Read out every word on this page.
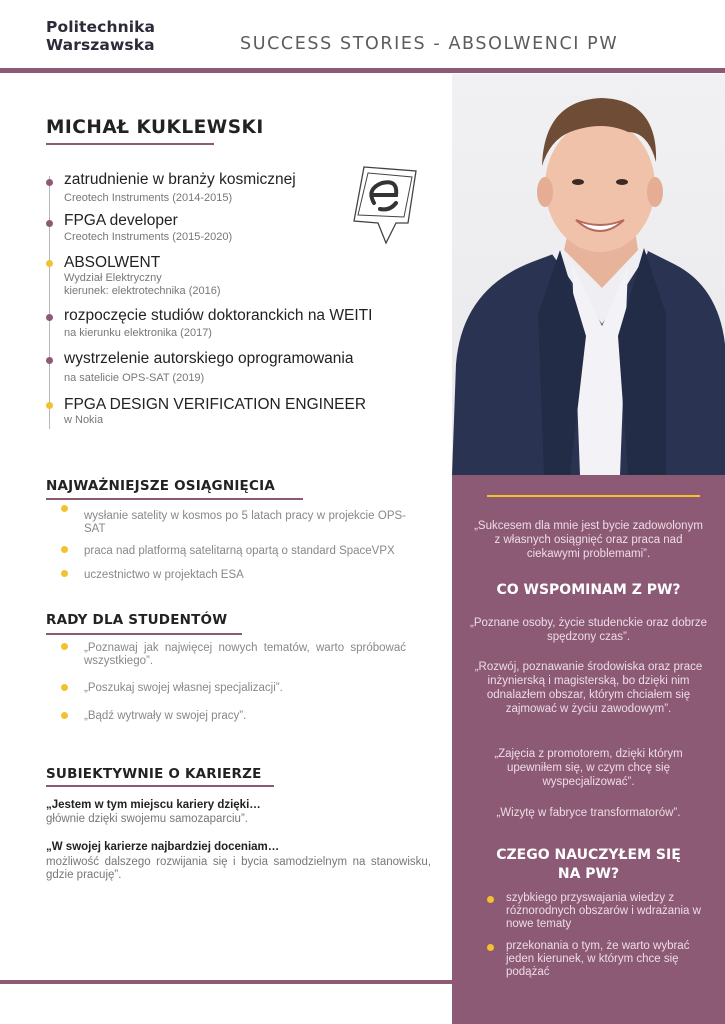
Politechnika
Warszawska	SUCCESS STORIES - ABSOLWENCI PW
MICHAŁ KUKLEWSKI
zatrudnienie w branży kosmicznej
Creotech Instruments (2014-2015)
FPGA developer
Creotech Instruments (2015-2020)
ABSOLWENT
Wydział Elektryczny
kierunek: elektrotechnika (2016)
rozpoczęcie studiów doktoranckich na WEITI
na kierunku elektronika (2017)
wystrzelenie autorskiego oprogramowania
na satelicie OPS-SAT (2019)
FPGA DESIGN VERIFICATION ENGINEER
w Nokia
NAJWAŻNIEJSZE OSIĄGNIĘCIA
wysłanie satelity w kosmos po 5 latach pracy w projekcie OPS-SAT
praca nad platformą satelitarną opartą o standard SpaceVPX
uczestnictwo w projektach ESA
RADY DLA STUDENTÓW
„Poznawaj jak najwięcej nowych tematów, warto spróbować wszystkiego”.
„Poszukaj swojej własnej specjalizacji”.
„Bądź wytrwały w swojej pracy”.
SUBIEKTYWNIE O KARIERZE
„Jestem w tym miejscu kariery dzięki…
głównie dzięki swojemu samozaparciu”.
„W swojej karierze najbardziej doceniam…
możliwość dalszego rozwijania się i bycia samodzielnym na stanowisku, gdzie pracuję”.
„Sukcesem dla mnie jest bycie zadowolonym z własnych osiągnięć oraz praca nad ciekawymi problemami”.
CO WSPOMINAM Z PW?
„Poznane osoby, życie studenckie oraz dobrze spędzony czas”.
„Rozwój, poznawanie środowiska oraz prace inżynierską i magisterską, bo dzięki nim odnalazłem obszar, którym chciałem się zajmować w życiu zawodowym”.
„Zajęcia z promotorem, dzięki którym upewniłem się, w czym chcę się wyspecjalizować”.
„Wizytę w fabryce transformatorów”.
CZEGO NAUCZYŁEM SIĘ NA PW?
szybkiego przyswajania wiedzy z różnorodnych obszarów i wdrażania w nowe tematy
przekonania o tym, że warto wybrać jeden kierunek, w którym chce się podążać
